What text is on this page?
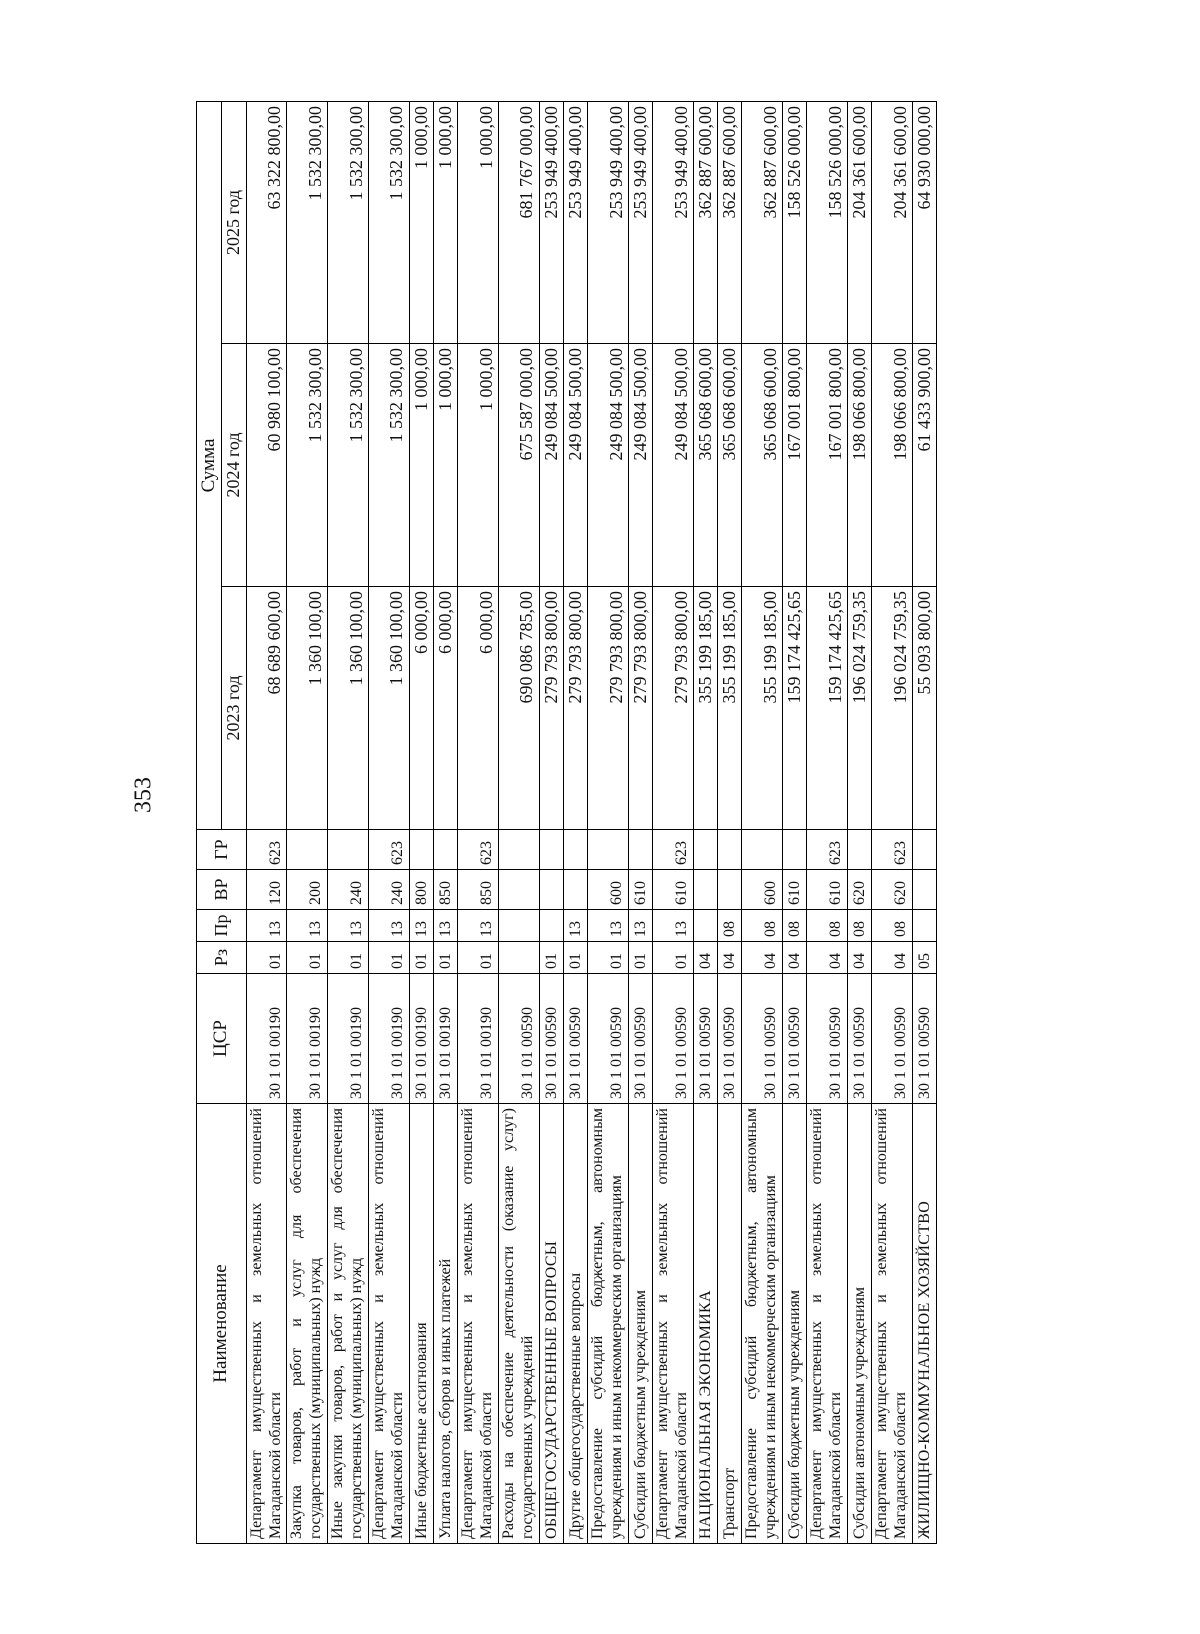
353
Наименование	ЦСР	Рз	Пр	ВР	ГР	Сумма		
						2023 год	2024 год	2025 год
Департамент имущественных и земельных отношений Магаданской области	30 1 01 00190	01	13	120	623	68 689 600,00	60 980 100,00	63 322 800,00
Закупка товаров, работ и услуг для обеспечения государственных (муниципальных) нужд	30 1 01 00190	01	13	200		1 360 100,00	1 532 300,00	1 532 300,00
Иные закупки товаров, работ и услуг для обеспечения государственных (муниципальных) нужд	30 1 01 00190	01	13	240		1 360 100,00	1 532 300,00	1 532 300,00
Департамент имущественных и земельных отношений Магаданской области	30 1 01 00190	01	13	240	623	1 360 100,00	1 532 300,00	1 532 300,00
Иные бюджетные ассигнования	30 1 01 00190	01	13	800		6 000,00	1 000,00	1 000,00
Уплата налогов, сборов и иных платежей	30 1 01 00190	01	13	850		6 000,00	1 000,00	1 000,00
Департамент имущественных и земельных отношений Магаданской области	30 1 01 00190	01	13	850	623	6 000,00	1 000,00	1 000,00
Расходы на обеспечение деятельности (оказание услуг) государственных учреждений	30 1 01 00590					690 086 785,00	675 587 000,00	681 767 000,00
ОБЩЕГОСУДАРСТВЕННЫЕ ВОПРОСЫ	30 1 01 00590	01				279 793 800,00	249 084 500,00	253 949 400,00
Другие общегосударственные вопросы	30 1 01 00590	01	13			279 793 800,00	249 084 500,00	253 949 400,00
Предоставление субсидий бюджетным, автономным учреждениям и иным некоммерческим организациям	30 1 01 00590	01	13	600		279 793 800,00	249 084 500,00	253 949 400,00
Субсидии бюджетным учреждениям	30 1 01 00590	01	13	610		279 793 800,00	249 084 500,00	253 949 400,00
Департамент имущественных и земельных отношений Магаданской области	30 1 01 00590	01	13	610	623	279 793 800,00	249 084 500,00	253 949 400,00
НАЦИОНАЛЬНАЯ ЭКОНОМИКА	30 1 01 00590	04				355 199 185,00	365 068 600,00	362 887 600,00
Транспорт	30 1 01 00590	04	08			355 199 185,00	365 068 600,00	362 887 600,00
Предоставление субсидий бюджетным, автономным учреждениям и иным некоммерческим организациям	30 1 01 00590	04	08	600		355 199 185,00	365 068 600,00	362 887 600,00
Субсидии бюджетным учреждениям	30 1 01 00590	04	08	610		159 174 425,65	167 001 800,00	158 526 000,00
Департамент имущественных и земельных отношений Магаданской области	30 1 01 00590	04	08	610	623	159 174 425,65	167 001 800,00	158 526 000,00
Субсидии автономным учреждениям	30 1 01 00590	04	08	620		196 024 759,35	198 066 800,00	204 361 600,00
Департамент имущественных и земельных отношений Магаданской области	30 1 01 00590	04	08	620	623	196 024 759,35	198 066 800,00	204 361 600,00
ЖИЛИЩНО-КОММУНАЛЬНОЕ ХОЗЯЙСТВО	30 1 01 00590	05				55 093 800,00	61 433 900,00	64 930 000,00
